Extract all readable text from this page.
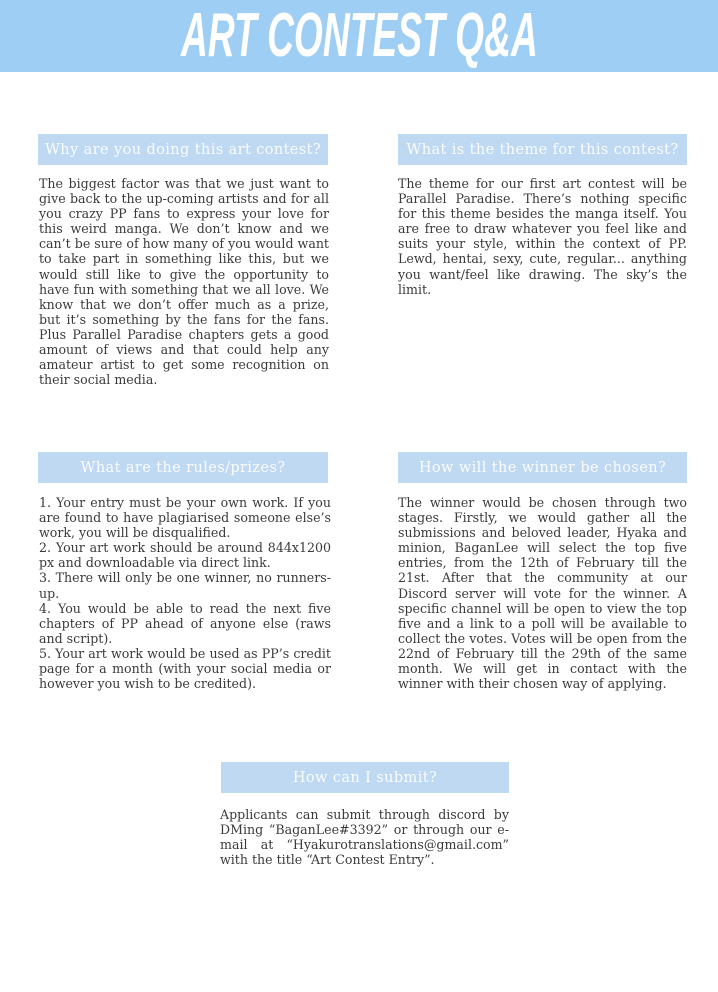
ART CONTEST Q&A
Why are you doing this art contest?
The biggest factor was that we just want to give back to the up-coming artists and for all you crazy PP fans to express your love for this weird manga. We don’t know and we can’t be sure of how many of you would want to take part in something like this, but we would still like to give the opportunity to have fun with something that we all love. We know that we don’t offer much as a prize, but it’s something by the fans for the fans. Plus Parallel Paradise chapters gets a good amount of views and that could help any amateur artist to get some recognition on their social media.
What is the theme for this contest?
The theme for our first art contest will be Parallel Paradise. There’s nothing specific for this theme besides the manga itself. You are free to draw whatever you feel like and suits your style, within the context of PP. Lewd, hentai, sexy, cute, regular... anything you want/feel like drawing. The sky’s the limit.
What are the rules/prizes?

1. Your entry must be your own work. If you are found to have plagiarised someone else’s work, you will be disqualified.

2. Your art work should be around 844x1200 px and downloadable via direct link.

3. There will only be one winner, no runners-up.

4. You would be able to read the next five chapters of PP ahead of anyone else (raws and script).

5. Your art work would be used as PP’s credit page for a month (with your social media or however you wish to be credited).

How will the winner be chosen?
The winner would be chosen through two stages. Firstly, we would gather all the submissions and beloved leader, Hyaka and minion, BaganLee will select the top five entries, from the 12th of February till the 21st. After that the community at our Discord server will vote for the winner. A specific channel will be open to view the top five and a link to a poll will be available to collect the votes. Votes will be open from the 22nd of February till the 29th of the same month. We will get in contact with the winner with their chosen way of applying.
How can I submit?
Applicants can submit through discord by DMing “BaganLee#3392” or through our e-mail at “Hyakurotranslations@gmail.com” with the title “Art Contest Entry”.
